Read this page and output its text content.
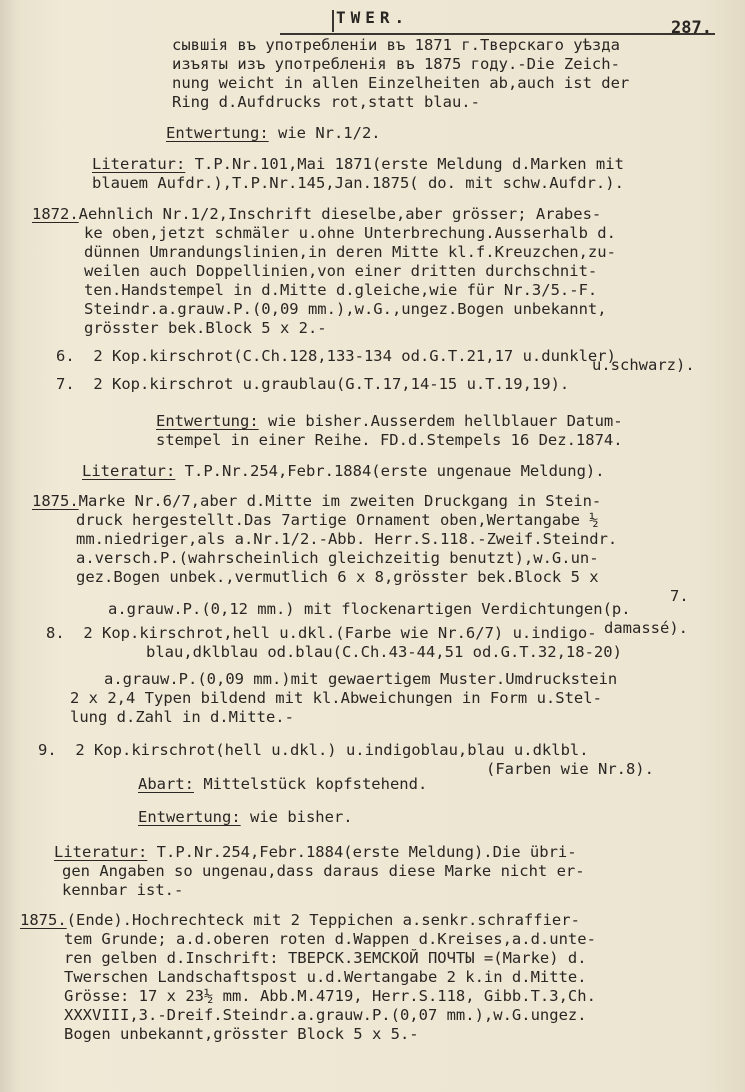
TWER.
287.
сывшія въ употребленіи въ 1871 г.Тверскаго уѣзда
изъяты изъ употребленія въ 1875 году.-Die Zeich-
nung weicht in allen Einzelheiten ab,auch ist der
Ring d.Aufdrucks rot,statt blau.-
Entwertung: wie Nr.1/2.
Literatur: T.P.Nr.101,Mai 1871(erste Meldung d.Marken mit
blauem Aufdr.),T.P.Nr.145,Jan.1875( do. mit schw.Aufdr.).
1872.Aehnlich Nr.1/2,Inschrift dieselbe,aber grösser; Arabes-
ke oben,jetzt schmäler u.ohne Unterbrechung.Ausserhalb d.
dünnen Umrandungslinien,in deren Mitte kl.f.Kreuzchen,zu-
weilen auch Doppellinien,von einer dritten durchschnit-
ten.Handstempel in d.Mitte d.gleiche,wie für Nr.3/5.-F.
Steindr.a.grauw.P.(0,09 mm.),w.G.,ungez.Bogen unbekannt,
grösster bek.Block 5 x 2.-
6.  2 Kop.kirschrot(C.Ch.128,133-134 od.G.T.21,17 u.dunkler)
7.  2 Kop.kirschrot u.graublau(G.T.17,14-15 u.T.19,19).
u.schwarz).
Entwertung: wie bisher.Ausserdem hellblauer Datum-
stempel in einer Reihe. FD.d.Stempels 16 Dez.1874.
Literatur: T.P.Nr.254,Febr.1884(erste ungenaue Meldung).
1875.Marke Nr.6/7,aber d.Mitte im zweiten Druckgang in Stein-
druck hergestellt.Das 7artige Ornament oben,Wertangabe ½
mm.niedriger,als a.Nr.1/2.-Abb. Herr.S.118.-Zweif.Steindr.
a.versch.P.(wahrscheinlich gleichzeitig benutzt),w.G.un-
gez.Bogen unbek.,vermutlich 6 x 8,grösster bek.Block 5 x
7.
a.grauw.P.(0,12 mm.) mit flockenartigen Verdichtungen(p.
damassé).
8.  2 Kop.kirschrot,hell u.dkl.(Farbe wie Nr.6/7) u.indigo-
blau,dklblau od.blau(C.Ch.43-44,51 od.G.T.32,18-20)
a.grauw.P.(0,09 mm.)mit gewaertigem Muster.Umdruckstein
2 x 2,4 Typen bildend mit kl.Abweichungen in Form u.Stel-
lung d.Zahl in d.Mitte.-
9.  2 Kop.kirschrot(hell u.dkl.) u.indigoblau,blau u.dklbl.
(Farben wie Nr.8).
Abart: Mittelstück kopfstehend.
Entwertung: wie bisher.
Literatur: T.P.Nr.254,Febr.1884(erste Meldung).Die übri-
gen Angaben so ungenau,dass daraus diese Marke nicht er-
kennbar ist.-
1875.(Ende).Hochrechteck mit 2 Teppichen a.senkr.schraffier-
tem Grunde; a.d.oberen roten d.Wappen d.Kreises,a.d.unte-
ren gelben d.Inschrift: ТВЕРСК.ЗЕМСКОЙ ПОЧТЫ =(Marke) d.
Twerschen Landschaftspost u.d.Wertangabe 2 k.in d.Mitte.
Grösse: 17 x 23½ mm. Abb.M.4719, Herr.S.118, Gibb.T.3,Ch.
XXXVIII,3.-Dreif.Steindr.a.grauw.P.(0,07 mm.),w.G.ungez.
Bogen unbekannt,grösster Block 5 x 5.-
